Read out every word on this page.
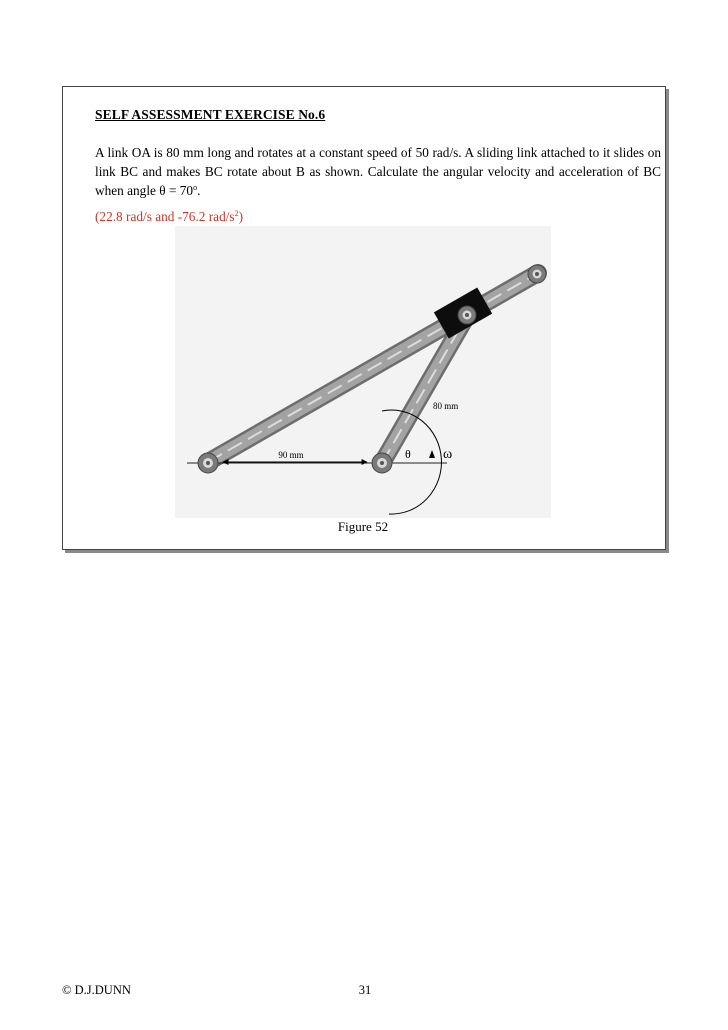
SELF ASSESSMENT EXERCISE No.6
A link OA is 80 mm long and rotates at a constant speed of 50 rad/s. A sliding link attached to it slides on link BC and makes BC rotate about B as shown. Calculate the angular velocity and acceleration of BC when angle $\theta = 70^o$.
(22.8 rad/s and -76.2 rad/$s^2$)
90 mm
80 mm
θ ω
Figure 52
© D.J.DUNN	31
